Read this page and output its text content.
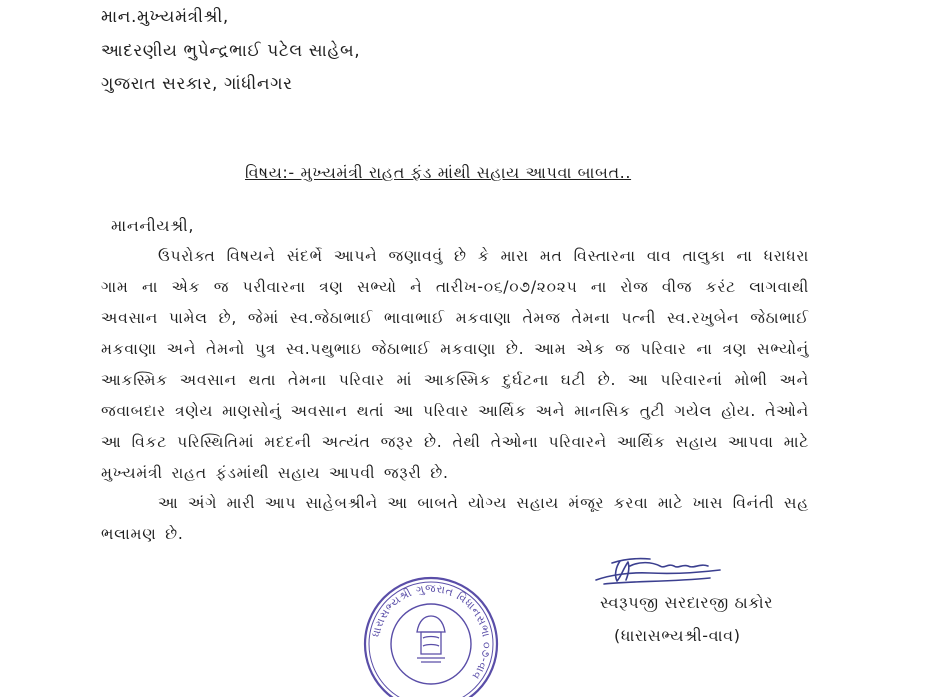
માન.મુખ્યમંત્રીશ્રી,
આદરણીય ભુપેન્દ્રભાઈ પટેલ સાહેબ,
ગુજરાત સરકાર, ગાંધીનગર
વિષય:- મુખ્યમંત્રી રાહત ફંડ માંથી સહાય આપવા બાબત..
માનનીયશ્રી,
ઉપરોક્ત વિષયને સંદર્ભે આપને જણાવવું છે કે મારા મત વિસ્તારના વાવ તાલુકા ના ધરાધરા ગામ ના એક જ પરીવારના ત્રણ સભ્યો ને તારીખ-૦૬/૦૭/૨૦૨૫ ના રોજ વીજ કરંટ લાગવાથી અવસાન પામેલ છે, જેમાં સ્વ.જેઠાભાઈ ભાવાભાઈ મકવાણા તેમજ તેમના પત્ની સ્વ.રખુબેન જેઠાભાઈ મકવાણા અને તેમનો પુત્ર સ્વ.પથુભાઇ જેઠાભાઈ મકવાણા છે. આમ એક જ પરિવાર ના ત્રણ સભ્યોનું આકસ્મિક અવસાન થતા તેમના પરિવાર માં આકસ્મિક દુર્ઘટના ઘટી છે. આ પરિવારનાં મોભી અને જવાબદાર ત્રણેય માણસોનું અવસાન થતાં આ પરિવાર આર્થિક અને માનસિક તુટી ગયેલ હોય. તેઓને આ વિકટ પરિસ્થિતિમાં મદદની અત્યંત જરૂર છે. તેથી તેઓના પરિવારને આર્થિક સહાય આપવા માટે મુખ્યમંત્રી રાહત ફંડમાંથી સહાય આપવી જરૂરી છે.
આ અંગે મારી આપ સાહેબશ્રીને આ બાબતે યોગ્ય સહાય મંજૂર કરવા માટે ખાસ વિનંતી સહ ભલામણ છે.
સ્વરૂપજી સરદારજી ઠાકોર
(ધારાસભ્યશ્રી-વાવ)
ધારાસભ્યશ્રી ગુજરાત વિધાનસભા ૦૭-વાવ
